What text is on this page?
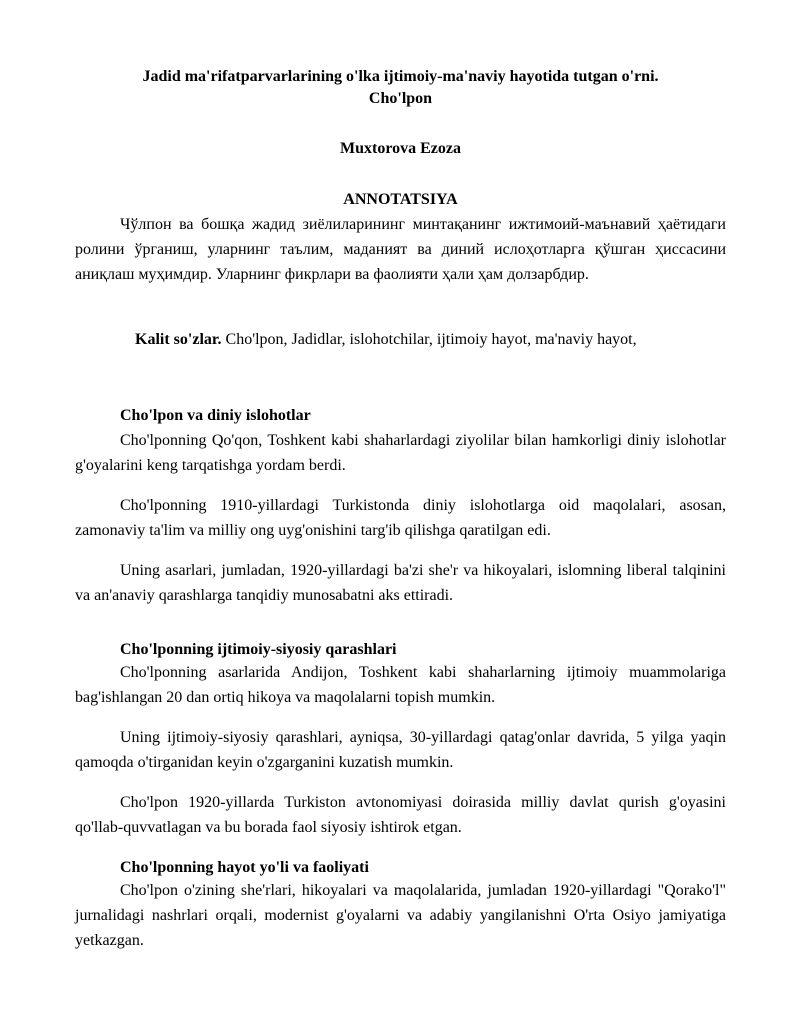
Jadid ma'rifatparvarlarining o'lka ijtimoiy-ma'naviy hayotida tutgan o'rni.
Cho'lpon

Muxtorova Ezoza

ANNOTATSIYA

Чўлпон ва бошқа жадид зиёлиларининг минтақанинг ижтимоий-маънавий ҳаётидаги ролини ўрганиш, уларнинг таълим, маданият ва диний ислоҳотларга қўшган ҳиссасини аниқлаш муҳимдир. Уларнинг фикрлари ва фаолияти ҳали ҳам долзарбдир.

Kalit so'zlar. Cho'lpon, Jadidlar, islohotchilar, ijtimoiy hayot, ma'naviy hayot,

Cho'lpon va diniy islohotlar

Cho'lponning Qo'qon, Toshkent kabi shaharlardagi ziyolilar bilan hamkorligi diniy islohotlar g'oyalarini keng tarqatishga yordam berdi.

Cho'lponning 1910-yillardagi Turkistonda diniy islohotlarga oid maqolalari, asosan, zamonaviy ta'lim va milliy ong uyg'onishini targ'ib qilishga qaratilgan edi.

Uning asarlari, jumladan, 1920-yillardagi ba'zi she'r va hikoyalari, islomning liberal talqinini va an'anaviy qarashlarga tanqidiy munosabatni aks ettiradi.

Cho'lponning ijtimoiy-siyosiy qarashlari

Cho'lponning asarlarida Andijon, Toshkent kabi shaharlarning ijtimoiy muammolariga bag'ishlangan 20 dan ortiq hikoya va maqolalarni topish mumkin.

Uning ijtimoiy-siyosiy qarashlari, ayniqsa, 30-yillardagi qatag'onlar davrida, 5 yilga yaqin qamoqda o'tirganidan keyin o'zgarganini kuzatish mumkin.

Cho'lpon 1920-yillarda Turkiston avtonomiyasi doirasida milliy davlat qurish g'oyasini qo'llab-quvvatlagan va bu borada faol siyosiy ishtirok etgan.

Cho'lponning hayot yo'li va faoliyati

Cho'lpon o'zining she'rlari, hikoyalari va maqolalarida, jumladan 1920-yillardagi "Qorako'l" jurnalidagi nashrlari orqali, modernist g'oyalarni va adabiy yangilanishni O'rta Osiyo jamiyatiga yetkazgan.
